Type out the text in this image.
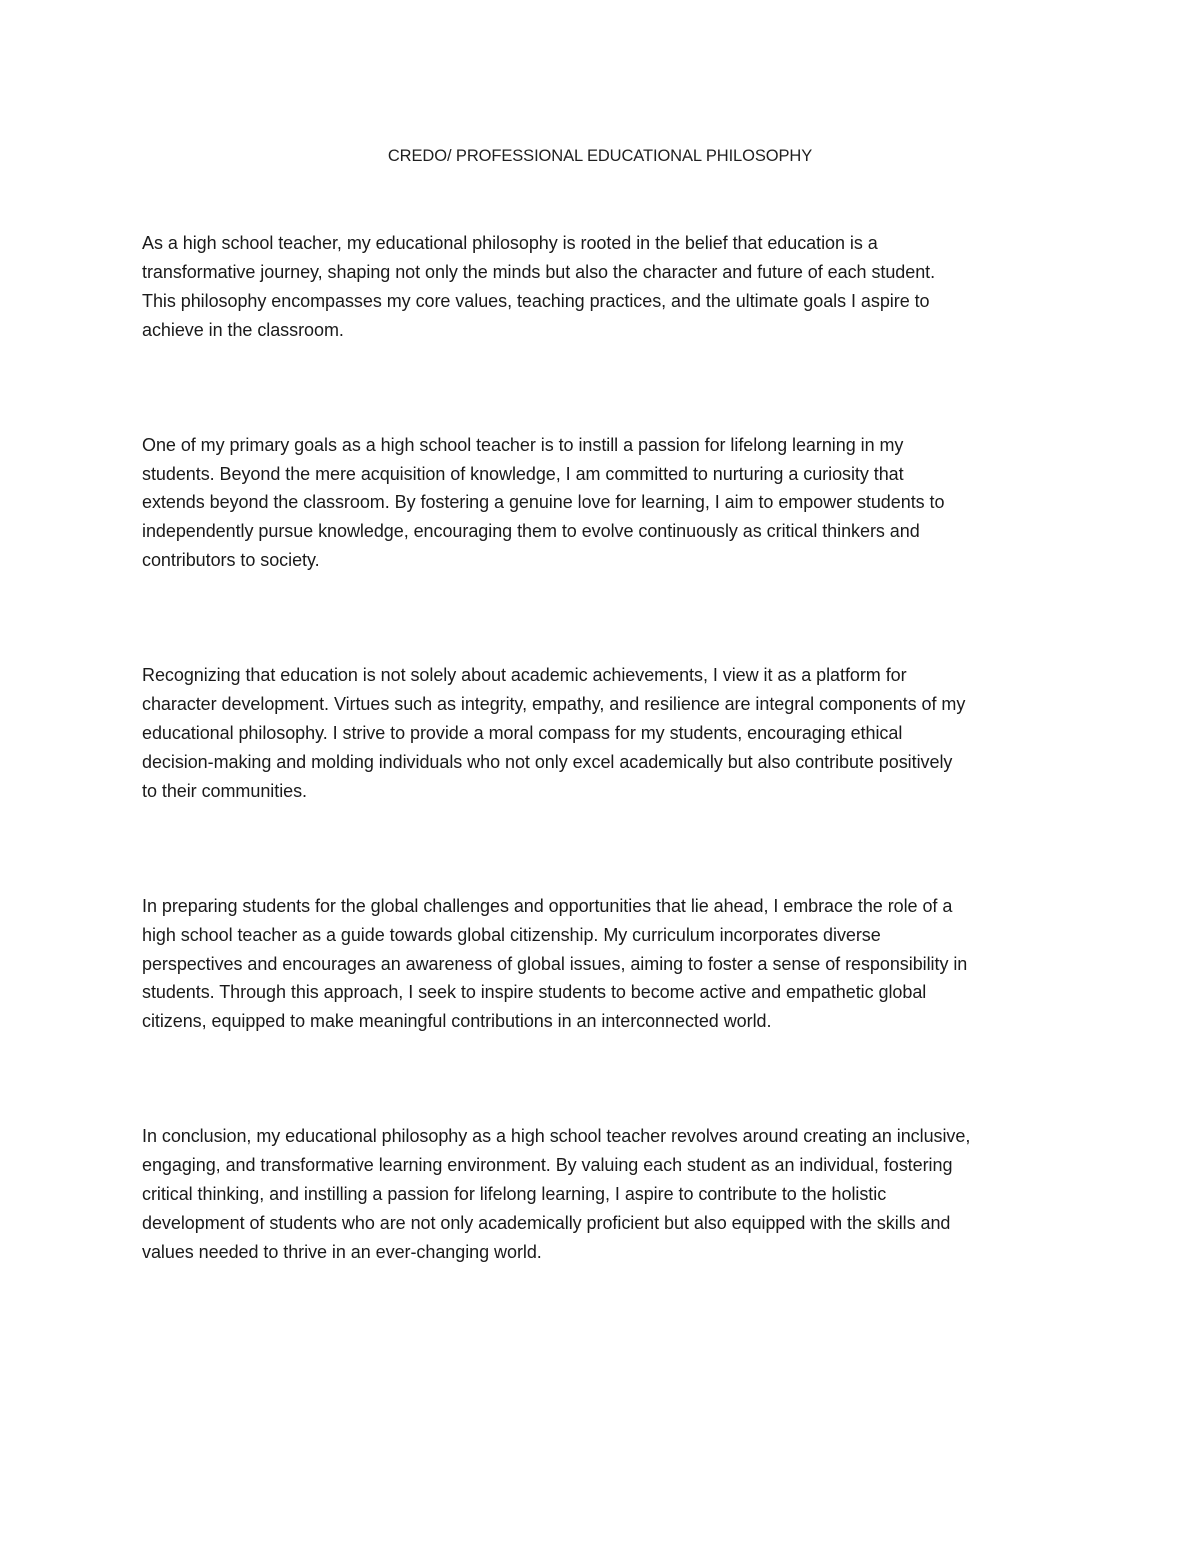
CREDO/ PROFESSIONAL EDUCATIONAL PHILOSOPHY

As a high school teacher, my educational philosophy is rooted in the belief that education is a
transformative journey, shaping not only the minds but also the character and future of each student.
This philosophy encompasses my core values, teaching practices, and the ultimate goals I aspire to
achieve in the classroom.

One of my primary goals as a high school teacher is to instill a passion for lifelong learning in my
students. Beyond the mere acquisition of knowledge, I am committed to nurturing a curiosity that
extends beyond the classroom. By fostering a genuine love for learning, I aim to empower students to
independently pursue knowledge, encouraging them to evolve continuously as critical thinkers and
contributors to society.

Recognizing that education is not solely about academic achievements, I view it as a platform for
character development. Virtues such as integrity, empathy, and resilience are integral components of my
educational philosophy. I strive to provide a moral compass for my students, encouraging ethical
decision-making and molding individuals who not only excel academically but also contribute positively
to their communities.

In preparing students for the global challenges and opportunities that lie ahead, I embrace the role of a
high school teacher as a guide towards global citizenship. My curriculum incorporates diverse
perspectives and encourages an awareness of global issues, aiming to foster a sense of responsibility in
students. Through this approach, I seek to inspire students to become active and empathetic global
citizens, equipped to make meaningful contributions in an interconnected world.

In conclusion, my educational philosophy as a high school teacher revolves around creating an inclusive,
engaging, and transformative learning environment. By valuing each student as an individual, fostering
critical thinking, and instilling a passion for lifelong learning, I aspire to contribute to the holistic
development of students who are not only academically proficient but also equipped with the skills and
values needed to thrive in an ever-changing world.
